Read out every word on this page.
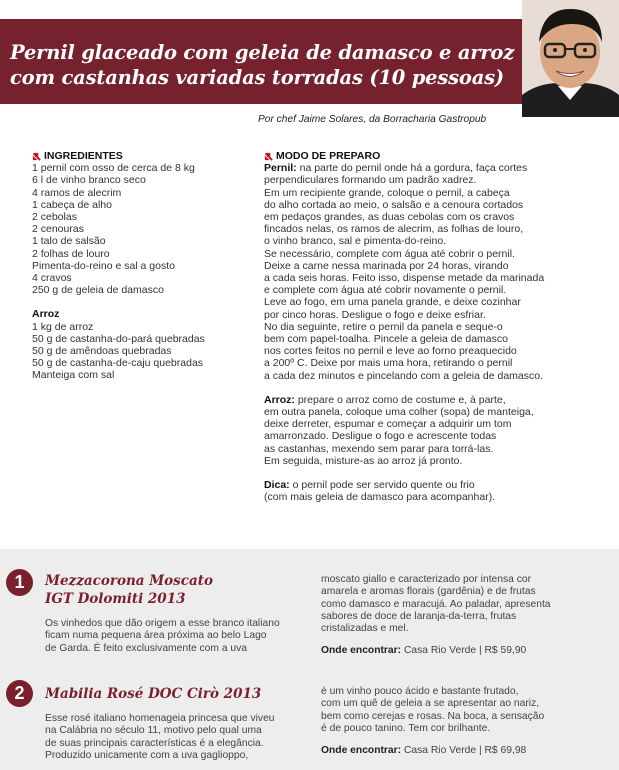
Pernil glaceado com geleia de damasco e arroz
com castanhas variadas torradas (10 pessoas)
Por chef Jaime Solares, da Borracharia Gastropub
INGREDIENTES
1 pernil com osso de cerca de 8 kg
6 l de vinho branco seco
4 ramos de alecrim
1 cabeça de alho
2 cebolas
2 cenouras
1 talo de salsão
2 folhas de louro
Pimenta-do-reino e sal a gosto
4 cravos
250 g de geleia de damasco
Arroz
1 kg de arroz
50 g de castanha-do-pará quebradas
50 g de amêndoas quebradas
50 g de castanha-de-caju quebradas
Manteiga com sal
MODO DE PREPARO
Pernil: na parte do pernil onde há a gordura, faça cortes
perpendiculares formando um padrão xadrez.
Em um recipiente grande, coloque o pernil, a cabeça
do alho cortada ao meio, o salsão e a cenoura cortados
em pedaços grandes, as duas cebolas com os cravos
fincados nelas, os ramos de alecrim, as folhas de louro,
o vinho branco, sal e pimenta-do-reino.
Se necessário, complete com água até cobrir o pernil.
Deixe a carne nessa marinada por 24 horas, virando
a cada seis horas. Feito isso, dispense metade da marinada
e complete com água até cobrir novamente o pernil.
Leve ao fogo, em uma panela grande, e deixe cozinhar
por cinco horas. Desligue o fogo e deixe esfriar.
No dia seguinte, retire o pernil da panela e seque-o
bem com papel-toalha. Pincele a geleia de damasco
nos cortes feitos no pernil e leve ao forno preaquecido
a 200º C. Deixe por mais uma hora, retirando o pernil
a cada dez minutos e pincelando com a geleia de damasco.
Arroz: prepare o arroz como de costume e, à parte,
em outra panela, coloque uma colher (sopa) de manteiga,
deixe derreter, espumar e começar a adquirir um tom
amarronzado. Desligue o fogo e acrescente todas
as castanhas, mexendo sem parar para torrá-las.
Em seguida, misture-as ao arroz já pronto.
Dica: o pernil pode ser servido quente ou frio
(com mais geleia de damasco para acompanhar).
1	Mezzacorona Moscato
IGT Dolomiti 2013
Os vinhedos que dão origem a esse branco italiano
ficam numa pequena área próxima ao belo Lago
de Garda. É feito exclusivamente com a uva
moscato giallo e caracterizado por intensa cor
amarela e aromas florais (gardênia) e de frutas
como damasco e maracujá. Ao paladar, apresenta
sabores de doce de laranja-da-terra, frutas
cristalizadas e mel.
Onde encontrar: Casa Rio Verde | R$ 59,90
2	Mabilia Rosé DOC Cirò 2013
Esse rosé italiano homenageia princesa que viveu
na Calábria no século 11, motivo pelo qual uma
de suas principais características é a elegância.
Produzido unicamente com a uva gaglioppo,
é um vinho pouco ácido e bastante frutado,
com um quê de geleia a se apresentar ao nariz,
bem como cerejas e rosas. Na boca, a sensação
é de pouco tanino. Tem cor brilhante.
Onde encontrar: Casa Rio Verde | R$ 69,98
